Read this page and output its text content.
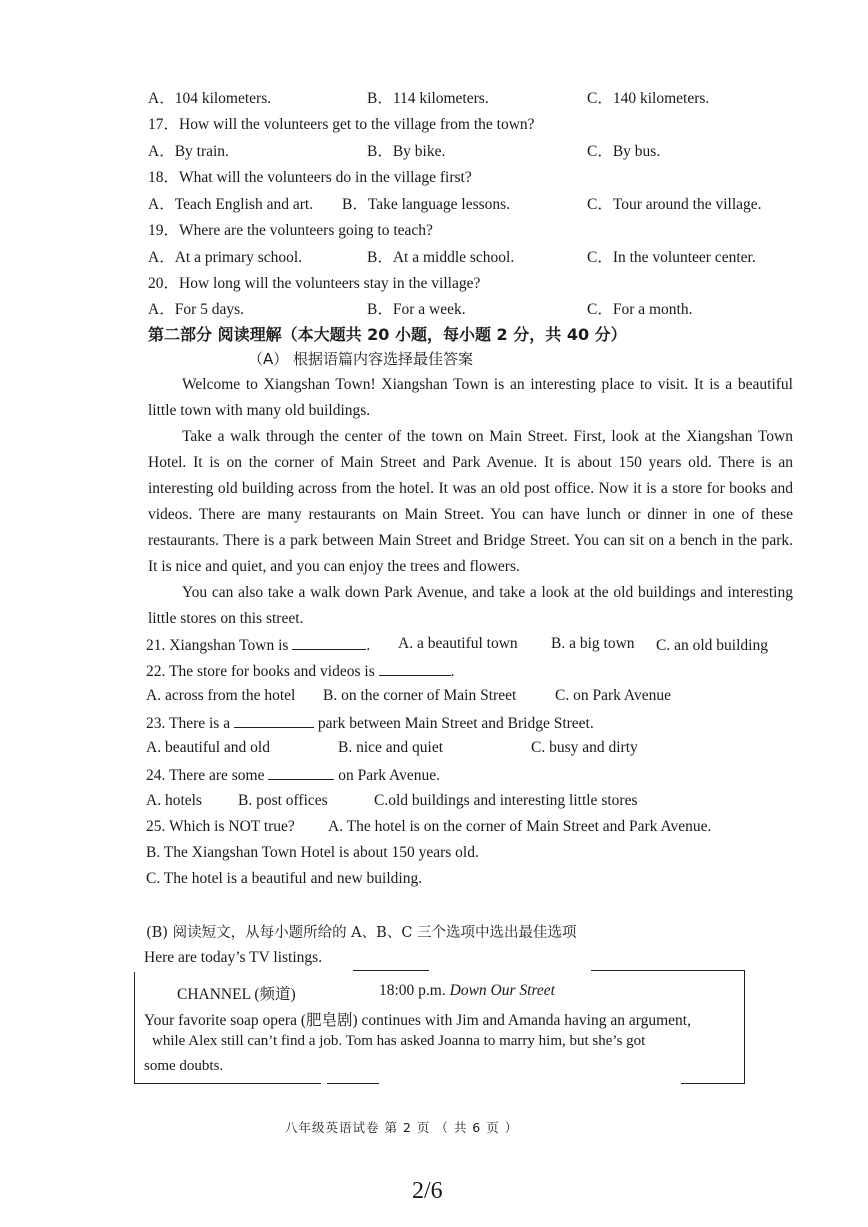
A．104 kilometers.	B．114 kilometers.	C．140 kilometers.
17．How will the volunteers get to the village from the town?
A．By train.	B．By bike.	C．By bus.
18．What will the volunteers do in the village first?
A．Teach English and art. B．Take language lessons.	C．Tour around the village.
19．Where are the volunteers going to teach?
A．At a primary school.	B．At a middle school.	C．In the volunteer center.
20．How long will the volunteers stay in the village?
A．For 5 days.	B．For a week.	C．For a month.
第二部分 阅读理解（本大题共 20 小题，每小题 2 分，共 40 分）
（A） 根据语篇内容选择最佳答案
Welcome to Xiangshan Town! Xiangshan Town is an interesting place to visit. It is a beautiful little town with many old buildings.
Take a walk through the center of the town on Main Street. First, look at the Xiangshan Town Hotel. It is on the corner of Main Street and Park Avenue. It is about 150 years old. There is an interesting old building across from the hotel. It was an old post office. Now it is a store for books and videos. There are many restaurants on Main Street. You can have lunch or dinner in one of these restaurants. There is a park between Main Street and Bridge Street. You can sit on a bench in the park. It is nice and quiet, and you can enjoy the trees and flowers.
You can also take a walk down Park Avenue, and take a look at the old buildings and interesting little stores on this street.
21. Xiangshan Town is	. A. a beautiful town B. a big town C. an old building
22. The store for books and videos is	.
A. across from the hotel B. on the corner of Main Street C. on Park Avenue
23. There is a	park between Main Street and Bridge Street.
A. beautiful and old	B. nice and quiet	C. busy and dirty
24. There are some	on Park Avenue.
A. hotels B. post offices	C.old buildings and interesting little stores
25. Which is NOT true? A. The hotel is on the corner of Main Street and Park Avenue.
B. The Xiangshan Town Hotel is about 150 years old.
C. The hotel is a beautiful and new building.
(B) 阅读短文，从每小题所给的 A、B、C 三个选项中选出最佳选项
Here are today’s TV listings.
CHANNEL (频道)	18:00 p.m. Down Our Street
Your favorite soap opera (肥皂剧) continues with Jim and Amanda having an argument,
while Alex still can’t find a job. Tom has asked Joanna to marry him, but she’s got
some doubts.
八年级英语试卷 第 2 页 （ 共 6 页 ）
2/6
